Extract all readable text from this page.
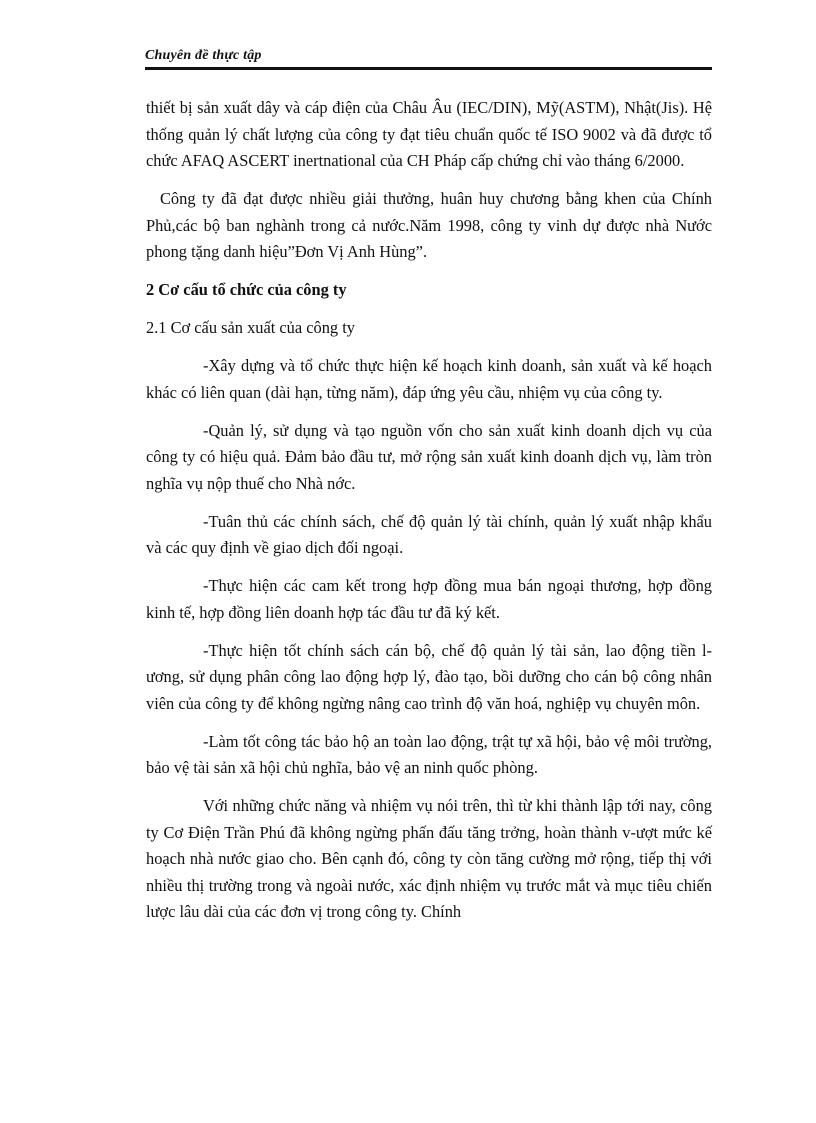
Chuyên đề thực tập

thiết bị sản xuất dây và cáp điện của Châu Âu (IEC/DIN), Mỹ(ASTM), Nhật(Jis). Hệ thống quản lý chất lượng của công ty đạt tiêu chuẩn quốc tế ISO 9002 và đã được tổ chức AFAQ ASCERT inertnational của CH Pháp cấp chứng chỉ vào tháng 6/2000.

Công ty đã đạt được nhiều giải thưởng, huân huy chương bằng khen của Chính Phủ,các bộ ban nghành trong cả nước.Năm 1998, công ty vinh dự được nhà Nước phong tặng danh hiệu”Đơn Vị Anh Hùng”.

2 Cơ cấu tổ chức của công ty

2.1 Cơ cấu sản xuất của công ty

-Xây dựng và tổ chức thực hiện kế hoạch kinh doanh, sản xuất và kế hoạch khác có liên quan (dài hạn, từng năm), đáp ứng yêu cầu, nhiệm vụ của công ty.

-Quản lý, sử dụng và tạo nguồn vốn cho sản xuất kinh doanh dịch vụ của công ty có hiệu quả. Đảm bảo đầu tư, mở rộng sản xuất kinh doanh dịch vụ, làm tròn nghĩa vụ nộp thuế cho Nhà nớc.

-Tuân thủ các chính sách, chế độ quản lý tài chính, quản lý xuất nhập khẩu và các quy định về giao dịch đối ngoại.

-Thực hiện các cam kết trong hợp đồng mua bán ngoại thương, hợp đồng kinh tế, hợp đồng liên doanh hợp tác đầu tư đã ký kết.

-Thực hiện tốt chính sách cán bộ, chế độ quản lý tài sản, lao động tiền l-ương, sử dụng phân công lao động hợp lý, đào tạo, bồi dưỡng cho cán bộ công nhân viên của công ty để không ngừng nâng cao trình độ văn hoá, nghiệp vụ chuyên môn.

-Làm tốt công tác bảo hộ an toàn lao động, trật tự xã hội, bảo vệ môi trường, bảo vệ tài sản xã hội chủ nghĩa, bảo vệ an ninh quốc phòng.

Với những chức năng và nhiệm vụ nói trên, thì từ khi thành lập tới nay, công ty Cơ Điện Trần Phú đã không ngừng phấn đấu tăng trởng, hoàn thành v-ượt mức kế hoạch nhà nước giao cho. Bên cạnh đó, công ty còn tăng cường mở rộng, tiếp thị với nhiều thị trường trong và ngoài nước, xác định nhiệm vụ trước mắt và mục tiêu chiến lược lâu dài của các đơn vị trong công ty. Chính
